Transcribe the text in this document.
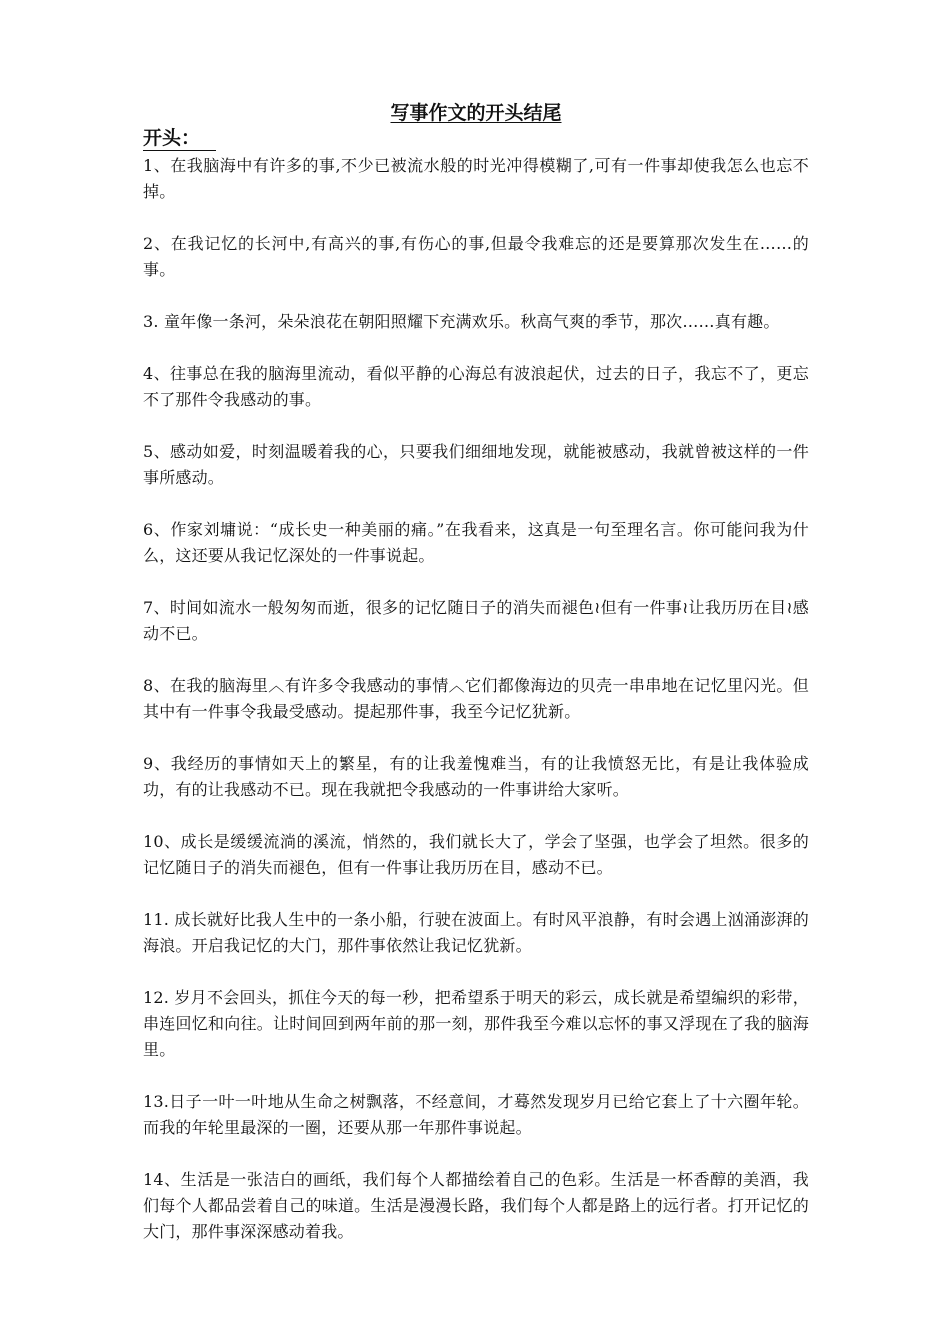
写事作文的开头结尾
开头：

1、在我脑海中有许多的事,不少已被流水般的时光冲得模糊了,可有一件事却使我怎么也忘不掉。

2、在我记忆的长河中,有高兴的事,有伤心的事,但最令我难忘的还是要算那次发生在……的事。

3. 童年像一条河，朵朵浪花在朝阳照耀下充满欢乐。秋高气爽的季节，那次……真有趣。

4、往事总在我的脑海里流动，看似平静的心海总有波浪起伏，过去的日子，我忘不了，更忘不了那件令我感动的事。

5、感动如爱，时刻温暖着我的心，只要我们细细地发现，就能被感动，我就曾被这样的一件事所感动。

6、作家刘墉说：“成长史一种美丽的痛。”在我看来，这真是一句至理名言。你可能问我为什么，这还要从我记忆深处的一件事说起。

7、时间如流水一般匆匆而逝，很多的记忆随日子的消失而褪色≀但有一件事≀让我历历在目≀感动不已。

8、在我的脑海里︿有许多令我感动的事情︿它们都像海边的贝壳一串串地在记忆里闪光。但其中有一件事令我最受感动。提起那件事，我至今记忆犹新。

9、我经历的事情如天上的繁星，有的让我羞愧难当，有的让我愤怒无比，有是让我体验成功，有的让我感动不已。现在我就把令我感动的一件事讲给大家听。

10、成长是缓缓流淌的溪流，悄然的，我们就长大了，学会了坚强，也学会了坦然。很多的记忆随日子的消失而褪色，但有一件事让我历历在目，感动不已。

11. 成长就好比我人生中的一条小船，行驶在波面上。有时风平浪静，有时会遇上汹涌澎湃的海浪。开启我记忆的大门，那件事依然让我记忆犹新。

12. 岁月不会回头，抓住今天的每一秒，把希望系于明天的彩云，成长就是希望编织的彩带，串连回忆和向往。让时间回到两年前的那一刻，那件我至今难以忘怀的事又浮现在了我的脑海里。

13.日子一叶一叶地从生命之树飘落，不经意间，才蓦然发现岁月已给它套上了十六圈年轮。而我的年轮里最深的一圈，还要从那一年那件事说起。

14、生活是一张洁白的画纸，我们每个人都描绘着自己的色彩。生活是一杯香醇的美酒，我们每个人都品尝着自己的味道。生活是漫漫长路，我们每个人都是路上的远行者。打开记忆的大门，那件事深深感动着我。
